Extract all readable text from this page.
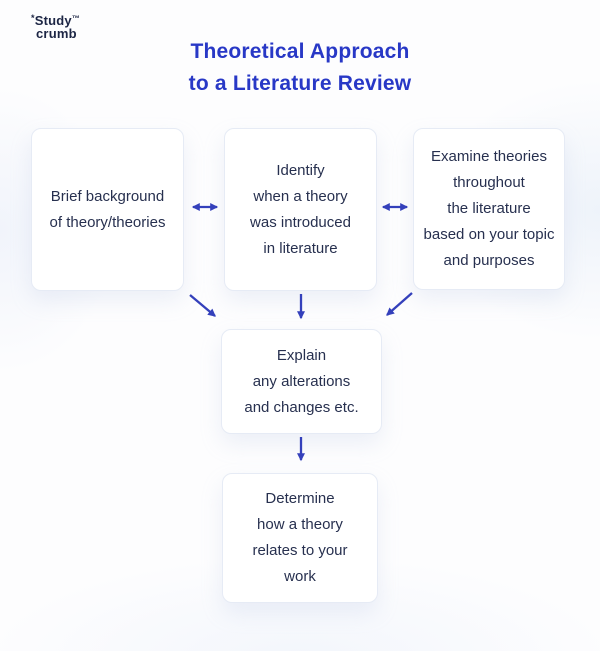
*Study™
crumb
Theoretical Approach
to a Literature Review
Brief background
of theory/theories
Identify
when a theory
was introduced
in literature
Examine theories
throughout
the literature
based on your topic
and purposes
Explain
any alterations
and changes etc.
Determine
how a theory
relates to your
work
